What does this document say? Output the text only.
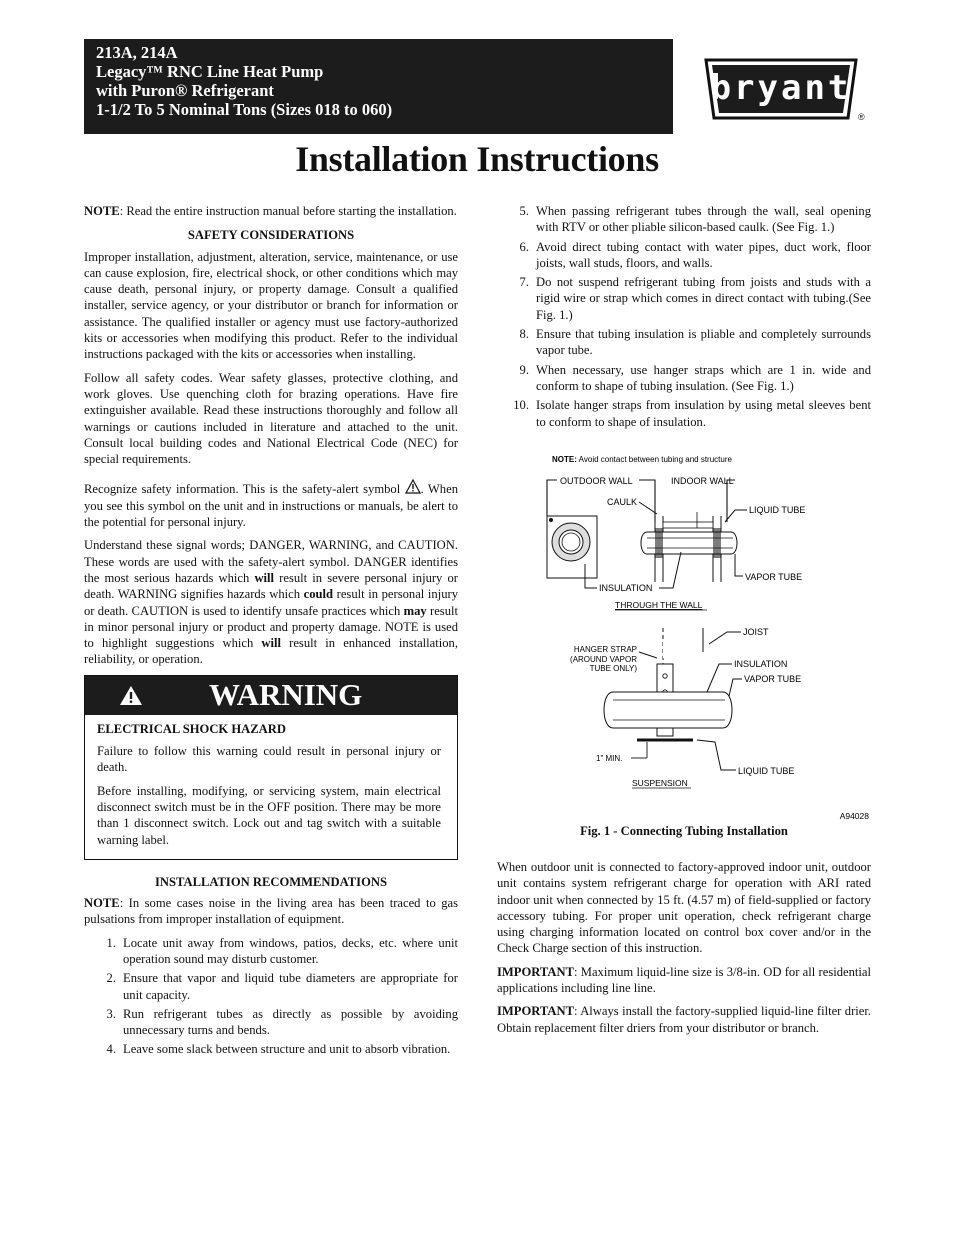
213A, 214A
Legacy™ RNC Line Heat Pump
with Puron® Refrigerant
1-1/2 To 5 Nominal Tons (Sizes 018 to 060)
bryant
®
Installation Instructions

NOTE: Read the entire instruction manual before starting the installation.

SAFETY CONSIDERATIONS

Improper installation, adjustment, alteration, service, maintenance, or use can cause explosion, fire, electrical shock, or other conditions which may cause death, personal injury, or property damage. Consult a qualified installer, service agency, or your distributor or branch for information or assistance. The qualified installer or agency must use factory-authorized kits or accessories when modifying this product. Refer to the individual instructions packaged with the kits or accessories when installing.

Follow all safety codes. Wear safety glasses, protective clothing, and work gloves. Use quenching cloth for brazing operations. Have fire extinguisher available. Read these instructions thoroughly and follow all warnings or cautions included in literature and attached to the unit. Consult local building codes and National Electrical Code (NEC) for special requirements.

Recognize safety information. This is the safety-alert symbol . When you see this symbol on the unit and in instructions or manuals, be alert to the potential for personal injury.

Understand these signal words; DANGER, WARNING, and CAUTION. These words are used with the safety-alert symbol. DANGER identifies the most serious hazards which will result in severe personal injury or death. WARNING signifies hazards which could result in personal injury or death. CAUTION is used to identify unsafe practices which may result in minor personal injury or product and property damage. NOTE is used to highlight suggestions which will result in enhanced installation, reliability, or operation.

WARNING
ELECTRICAL SHOCK HAZARD

Failure to follow this warning could result in personal injury or death.

Before installing, modifying, or servicing system, main electrical disconnect switch must be in the OFF position. There may be more than 1 disconnect switch. Lock out and tag switch with a suitable warning label.

INSTALLATION RECOMMENDATIONS

NOTE: In some cases noise in the living area has been traced to gas pulsations from improper installation of equipment.

1. Locate unit away from windows, patios, decks, etc. where unit operation sound may disturb customer.
2. Ensure that vapor and liquid tube diameters are appropriate for unit capacity.
3. Run refrigerant tubes as directly as possible by avoiding unnecessary turns and bends.
4. Leave some slack between structure and unit to absorb vibration.
5. When passing refrigerant tubes through the wall, seal opening with RTV or other pliable silicon-based caulk. (See Fig. 1.)
6. Avoid direct tubing contact with water pipes, duct work, floor joists, wall studs, floors, and walls.
7. Do not suspend refrigerant tubing from joists and studs with a rigid wire or strap which comes in direct contact with tubing.(See Fig. 1.)
8. Ensure that tubing insulation is pliable and completely surrounds vapor tube.
9. When necessary, use hanger straps which are 1 in. wide and conform to shape of tubing insulation. (See Fig. 1.)
10. Isolate hanger straps from insulation by using metal sleeves bent to conform to shape of insulation.
NOTE: Avoid contact between tubing and structure
OUTDOOR WALL	INDOOR WALL
CAULK
LIQUID TUBE
VAPOR TUBE
INSULATION
THROUGH THE WALL
JOIST
HANGER STRAP
(AROUND VAPOR
TUBE ONLY)	INSULATION
VAPOR TUBE
1" MIN.
LIQUID TUBE
SUSPENSION
A94028
Fig. 1 - Connecting Tubing Installation

When outdoor unit is connected to factory-approved indoor unit, outdoor unit contains system refrigerant charge for operation with ARI rated indoor unit when connected by 15 ft. (4.57 m) of field-supplied or factory accessory tubing. For proper unit operation, check refrigerant charge using charging information located on control box cover and/or in the Check Charge section of this instruction.

IMPORTANT: Maximum liquid-line size is 3/8-in. OD for all residential applications including line line.

IMPORTANT: Always install the factory-supplied liquid-line filter drier. Obtain replacement filter driers from your distributor or branch.
